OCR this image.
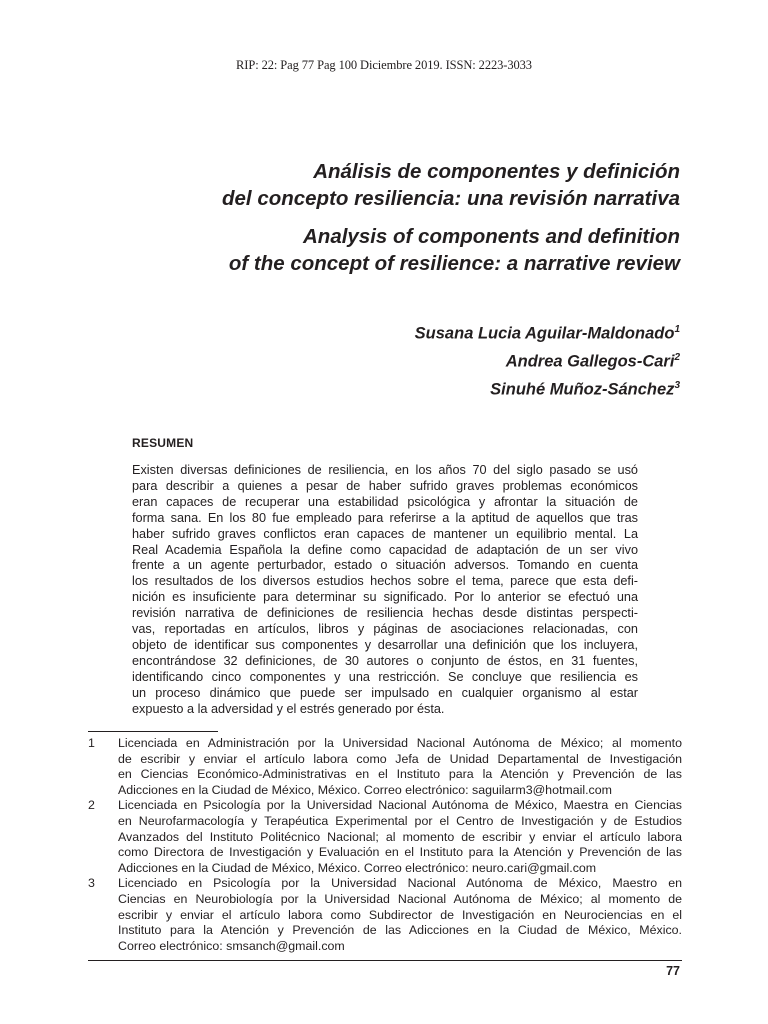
RIP: 22: Pag 77 Pag 100 Diciembre 2019. ISSN: 2223-3033

Análisis de componentes y definición
del concepto resiliencia: una revisión narrativa

Analysis of components and definition
of the concept of resilience: a narrative review

Susana Lucia Aguilar-Maldonado$^1$
Andrea Gallegos-Cari$^2$
Sinuhé Muñoz-Sánchez$^3$
RESUMEN
Existen diversas definiciones de resiliencia, en los años 70 del siglo pasado se usó
para describir a quienes a pesar de haber sufrido graves problemas económicos
eran capaces de recuperar una estabilidad psicológica y afrontar la situación de
forma sana. En los 80 fue empleado para referirse a la aptitud de aquellos que tras
haber sufrido graves conflictos eran capaces de mantener un equilibrio mental. La
Real Academia Española la define como capacidad de adaptación de un ser vivo
frente a un agente perturbador, estado o situación adversos. Tomando en cuenta
los resultados de los diversos estudios hechos sobre el tema, parece que esta defi-
nición es insuficiente para determinar su significado. Por lo anterior se efectuó una
revisión narrativa de definiciones de resiliencia hechas desde distintas perspecti-
vas, reportadas en artículos, libros y páginas de asociaciones relacionadas, con
objeto de identificar sus componentes y desarrollar una definición que los incluyera,
encontrándose 32 definiciones, de 30 autores o conjunto de éstos, en 31 fuentes,
identificando cinco componentes y una restricción. Se concluye que resiliencia es
un proceso dinámico que puede ser impulsado en cualquier organismo al estar
expuesto a la adversidad y el estrés generado por ésta.
1	Licenciada en Administración por la Universidad Nacional Autónoma de México; al momento
de escribir y enviar el artículo labora como Jefa de Unidad Departamental de Investigación
en Ciencias Económico-Administrativas en el Instituto para la Atención y Prevención de las
Adicciones en la Ciudad de México, México. Correo electrónico: saguilarm3@hotmail.com
2	Licenciada en Psicología por la Universidad Nacional Autónoma de México, Maestra en Ciencias
en Neurofarmacología y Terapéutica Experimental por el Centro de Investigación y de Estudios
Avanzados del Instituto Politécnico Nacional; al momento de escribir y enviar el artículo labora
como Directora de Investigación y Evaluación en el Instituto para la Atención y Prevención de las
Adicciones en la Ciudad de México, México. Correo electrónico: neuro.cari@gmail.com
3	Licenciado en Psicología por la Universidad Nacional Autónoma de México, Maestro en
Ciencias en Neurobiología por la Universidad Nacional Autónoma de México; al momento de
escribir y enviar el artículo labora como Subdirector de Investigación en Neurociencias en el
Instituto para la Atención y Prevención de las Adicciones en la Ciudad de México, México.
Correo electrónico: smsanch@gmail.com
77
